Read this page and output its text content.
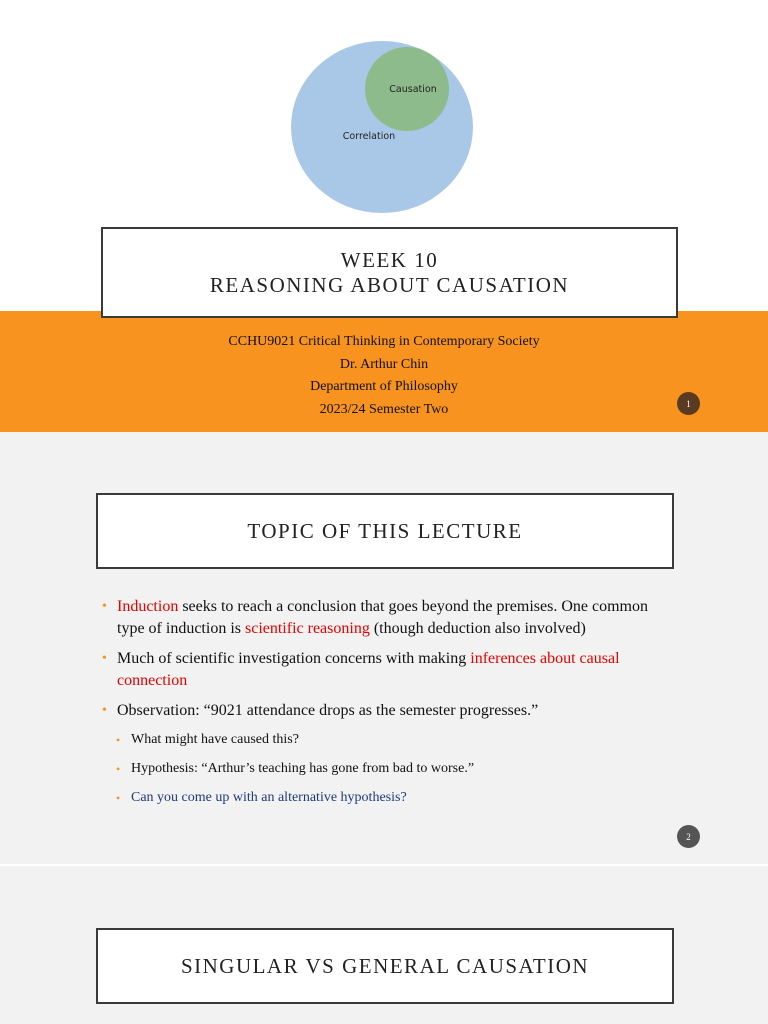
Causation
Correlation
WEEK 10
REASONING ABOUT CAUSATION
CCHU9021 Critical Thinking in Contemporary Society
Dr. Arthur Chin
Department of Philosophy
2023/24 Semester Two	1
TOPIC OF THIS LECTURE
• Induction seeks to reach a conclusion that goes beyond the premises. One common type of induction is scientific reasoning (though deduction also involved)
• Much of scientific investigation concerns with making inferences about causal connection
• Observation: “9021 attendance drops as the semester progresses.”
• What might have caused this?
• Hypothesis: “Arthur’s teaching has gone from bad to worse.”
• Can you come up with an alternative hypothesis?
2
SINGULAR VS GENERAL CAUSATION
